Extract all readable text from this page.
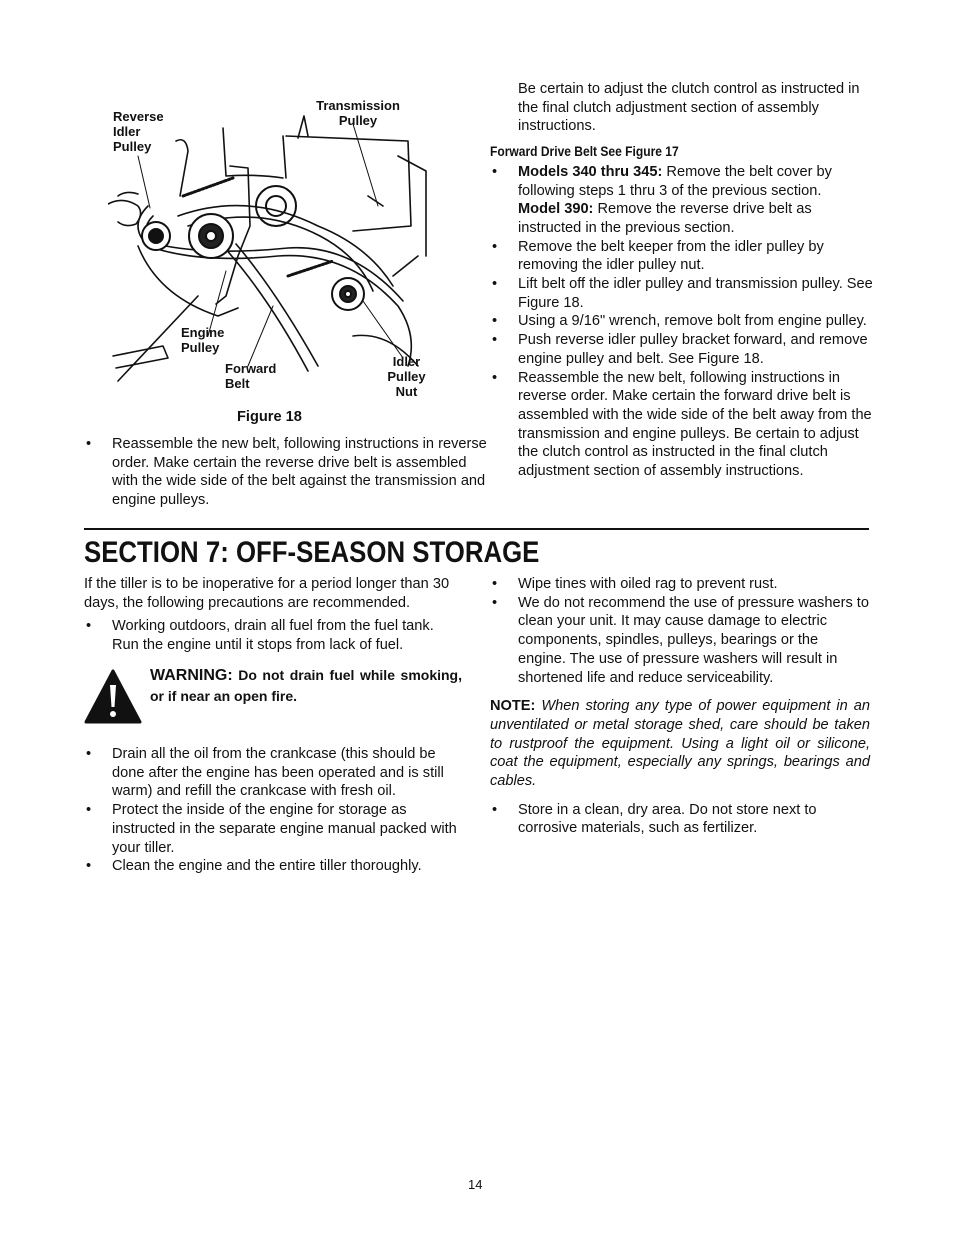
Reverse
Idler
Pulley
Transmission
Pulley
Engine
Pulley
Forward
Belt
Idler
Pulley
Nut
Figure 18
• Reassemble the new belt, following instructions in reverse order. Make certain the reverse drive belt is assembled with the wide side of the belt against the transmission and engine pulleys.
Be certain to adjust the clutch control as instructed in the final clutch adjustment section of assembly instructions.
Forward Drive Belt See Figure 17
• Models 340 thru 345: Remove the belt cover by following steps 1 thru 3 of the previous section.
Model 390: Remove the reverse drive belt as instructed in the previous section.
• Remove the belt keeper from the idler pulley by removing the idler pulley nut.
• Lift belt off the idler pulley and transmission pulley. See Figure 18.
• Using a 9/16" wrench, remove bolt from engine pulley.
• Push reverse idler pulley bracket forward, and remove engine pulley and belt. See Figure 18.
• Reassemble the new belt, following instructions in reverse order. Make certain the forward drive belt is assembled with the wide side of the belt away from the transmission and engine pulleys. Be certain to adjust the clutch control as instructed in the final clutch adjustment section of assembly instructions.
SECTION 7: OFF-SEASON STORAGE
If the tiller is to be inoperative for a period longer than 30 days, the following precautions are recommended.
• Working outdoors, drain all fuel from the fuel tank. Run the engine until it stops from lack of fuel.
WARNING: Do not drain fuel while smoking, or if near an open fire.
• Drain all the oil from the crankcase (this should be done after the engine has been operated and is still warm) and refill the crankcase with fresh oil.
• Protect the inside of the engine for storage as instructed in the separate engine manual packed with your tiller.
• Clean the engine and the entire tiller thoroughly.
• Wipe tines with oiled rag to prevent rust.
• We do not recommend the use of pressure washers to clean your unit. It may cause damage to electric components, spindles, pulleys, bearings or the engine. The use of pressure washers will result in shortened life and reduce serviceability.
NOTE: When storing any type of power equipment in an unventilated or metal storage shed, care should be taken to rustproof the equipment. Using a light oil or silicone, coat the equipment, especially any springs, bearings and cables.
• Store in a clean, dry area. Do not store next to corrosive materials, such as fertilizer.
14
